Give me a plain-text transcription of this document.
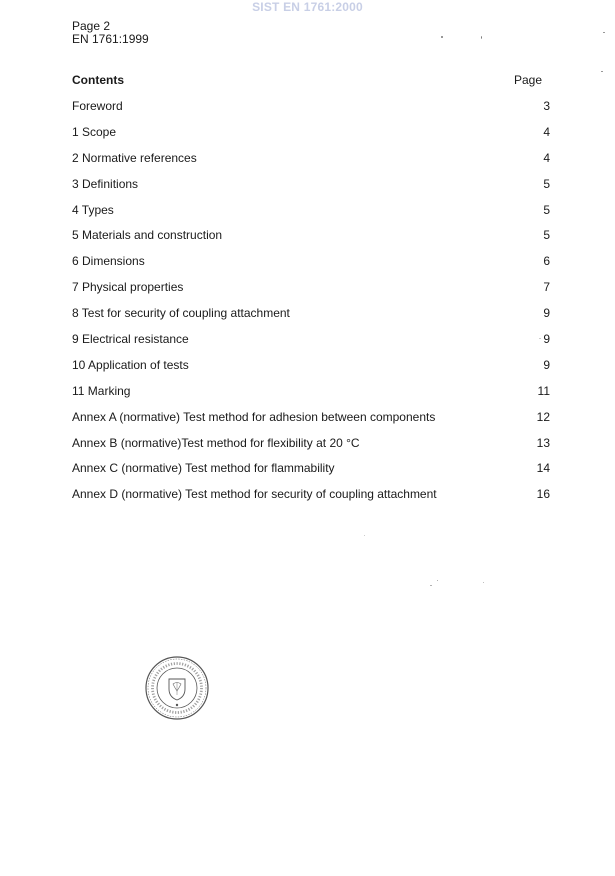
SIST EN 1761:2000
Page 2
EN 1761:1999
Contents	Page
Foreword	3
1 Scope	4
2 Normative references	4
3 Definitions	5
4 Types	5
5 Materials and construction	5
6 Dimensions	6
7 Physical properties	7
8 Test for security of coupling attachment	9
9 Electrical resistance	9
10 Application of tests	9
11 Marking	11
Annex A (normative) Test method for adhesion between components	12
Annex B (normative)Test method for flexibility at 20 °C	13
Annex C (normative) Test method for flammability	14
Annex D (normative) Test method for security of coupling attachment	16
